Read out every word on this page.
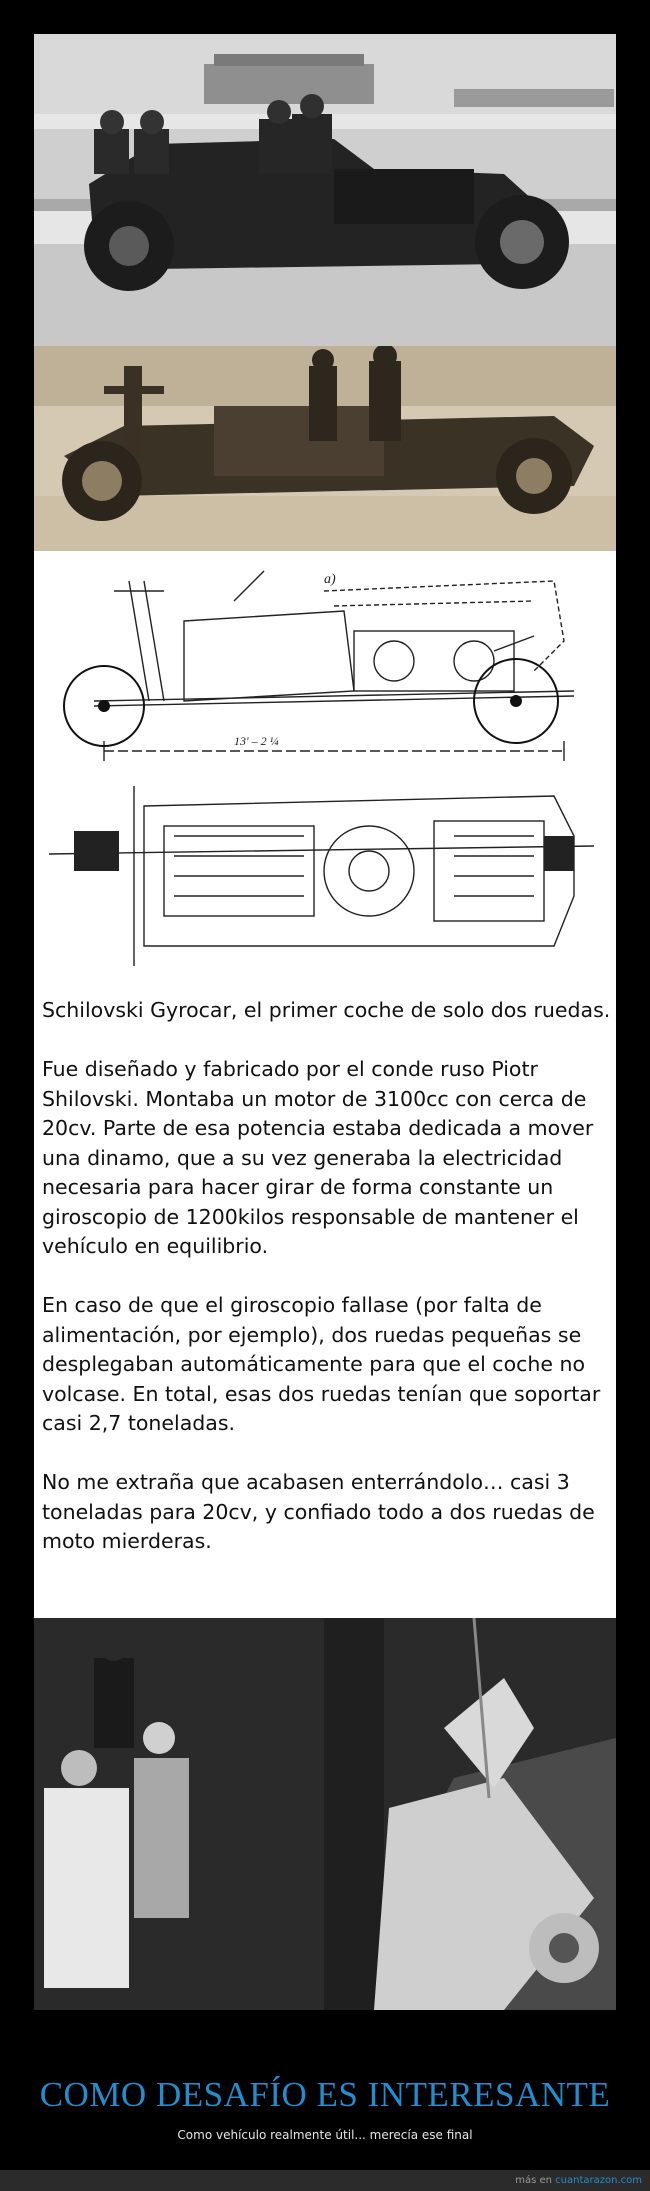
a)
13' – 2 ¼

Schilovski Gyrocar, el primer coche de solo dos ruedas.

Fue diseñado y fabricado por el conde ruso Piotr Shilovski. Montaba un motor de 3100cc con cerca de 20cv. Parte de esa potencia estaba dedicada a mover una dinamo, que a su vez generaba la electricidad necesaria para hacer girar de forma constante un giroscopio de 1200kilos responsable de mantener el vehículo en equilibrio.

En caso de que el giroscopio fallase (por falta de alimentación, por ejemplo), dos ruedas pequeñas se desplegaban automáticamente para que el coche no volcase. En total, esas dos ruedas tenían que soportar casi 2,7 toneladas.

No me extraña que acabasen enterrándolo… casi 3 toneladas para 20cv, y confiado todo a dos ruedas de moto mierderas.

COMO DESAFÍO ES INTERESANTE
Como vehículo realmente útil... merecía ese final
más en cuantarazon.com
